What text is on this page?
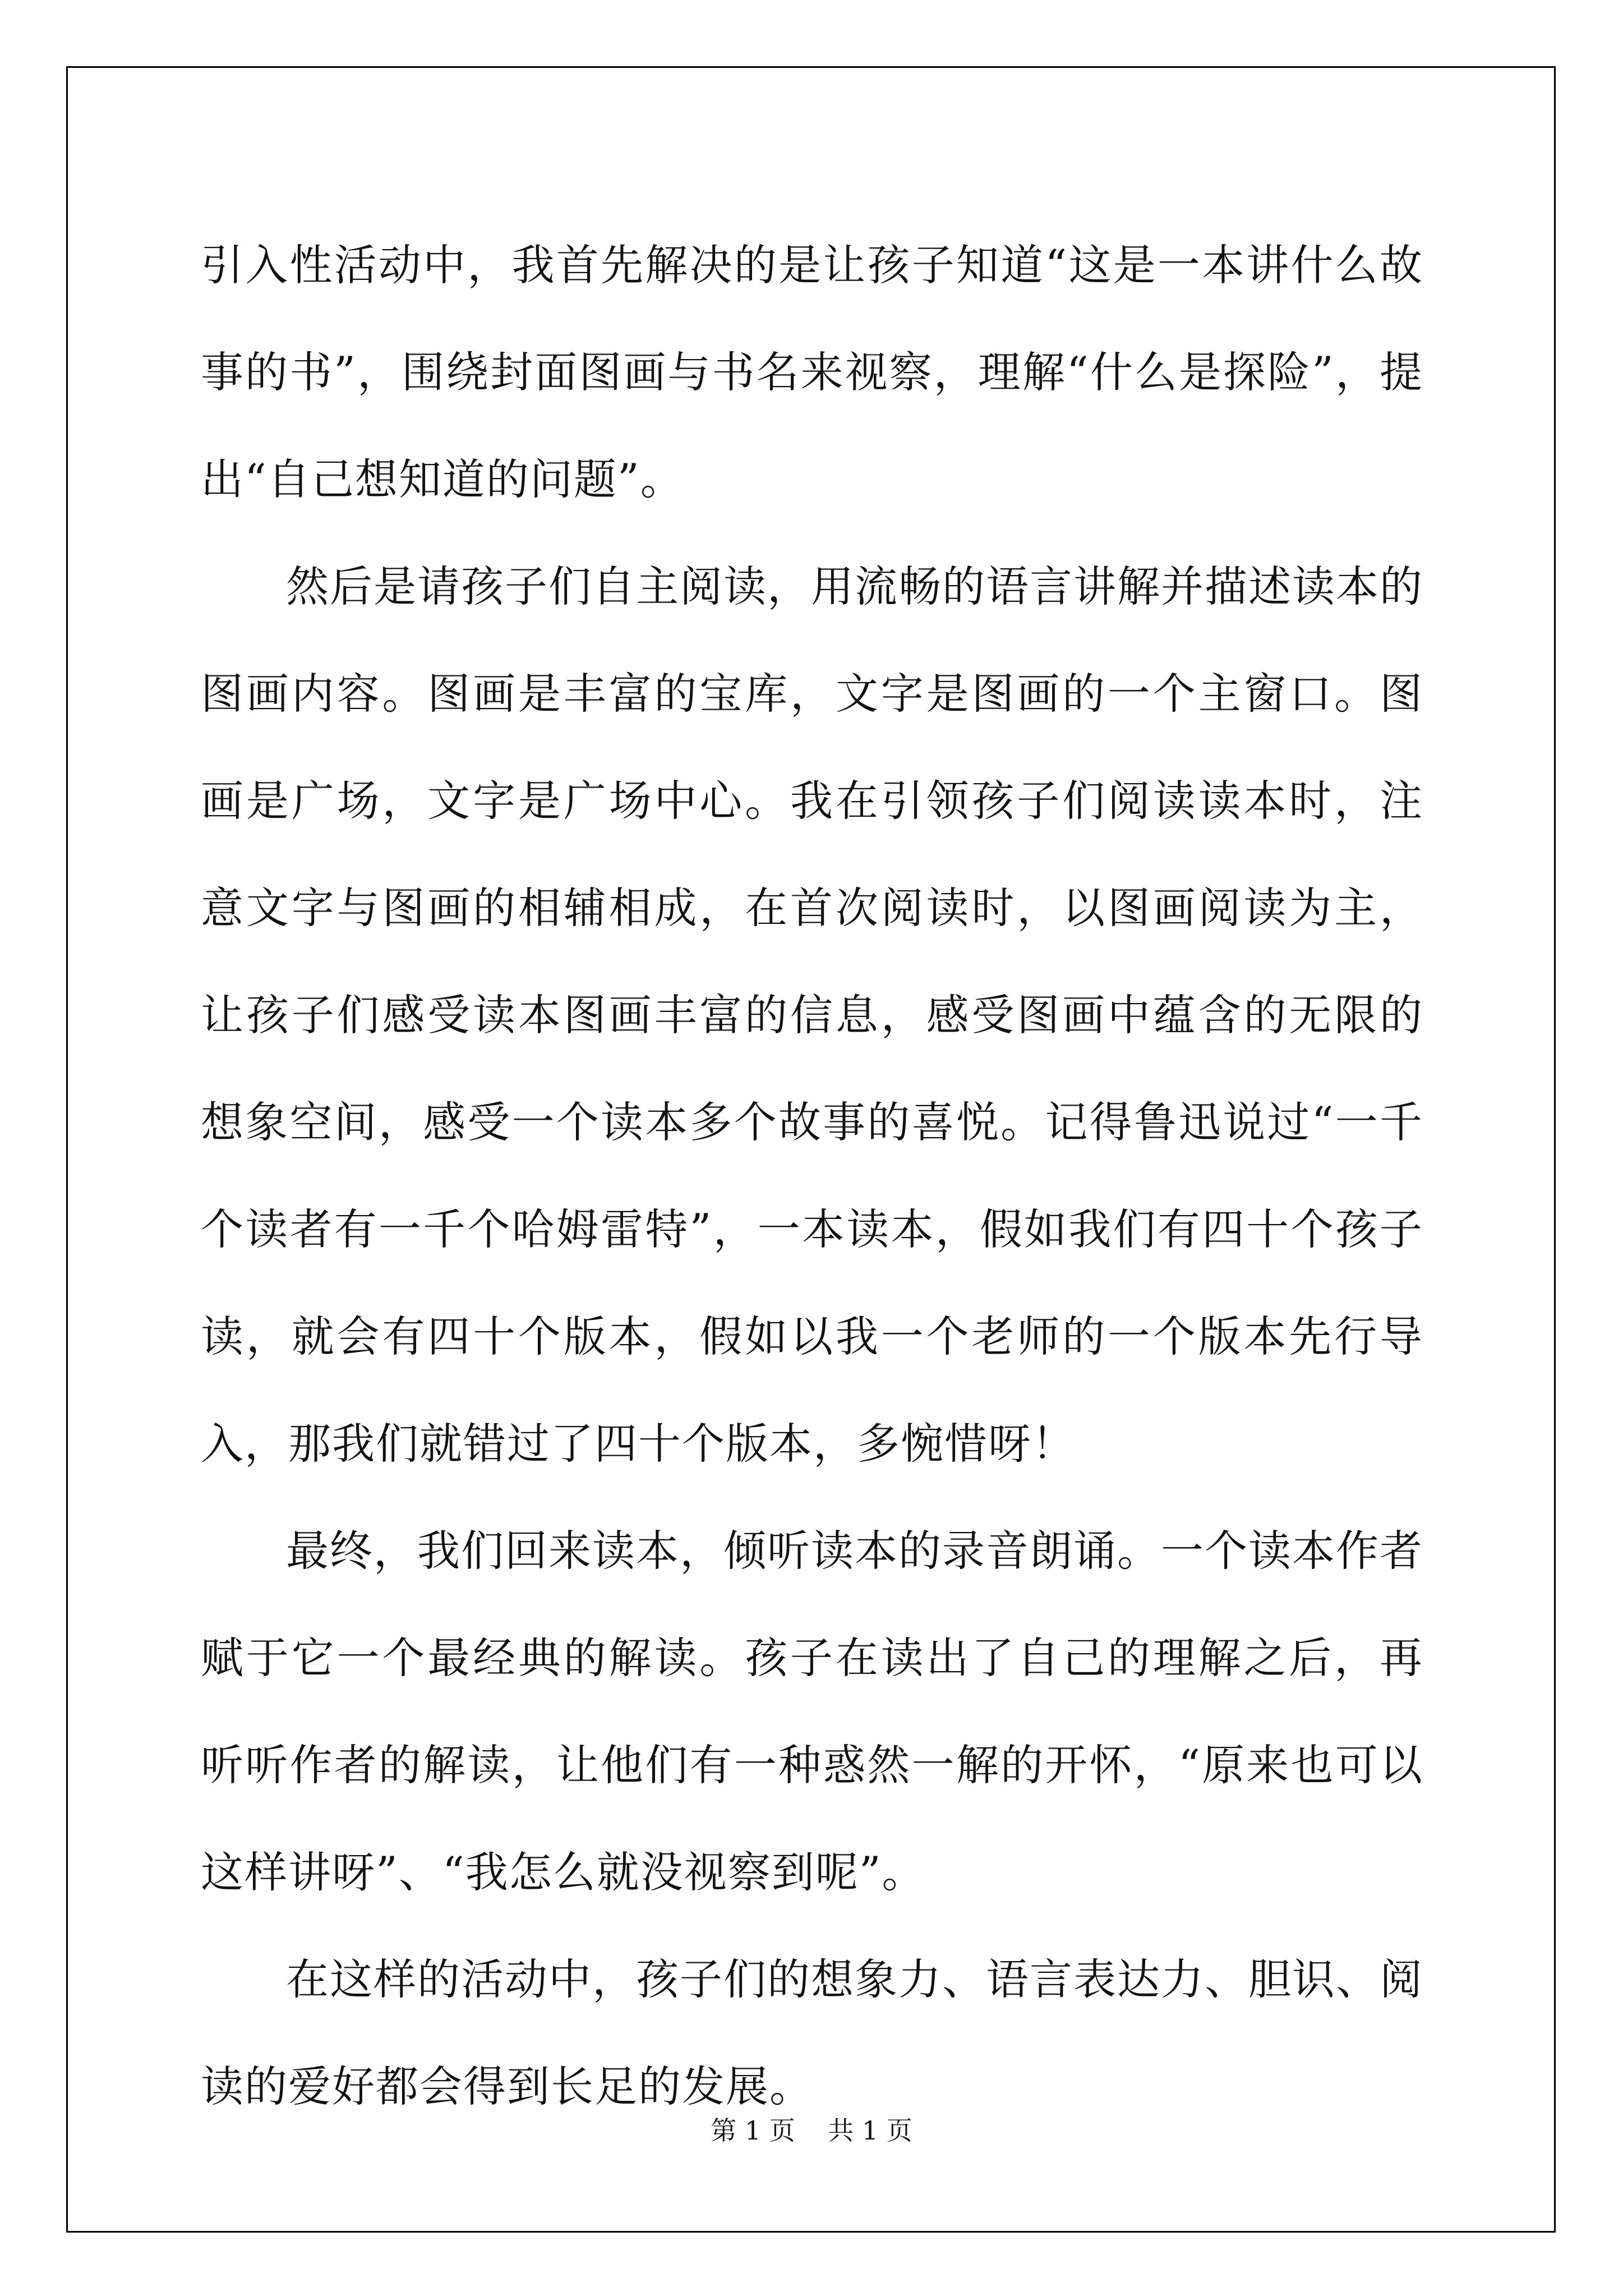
引入性活动中，我首先解决的是让孩子知道“这是一本讲什么故事的书”，围绕封面图画与书名来视察，理解“什么是探险”，提出“自己想知道的问题”。

然后是请孩子们自主阅读，用流畅的语言讲解并描述读本的图画内容。图画是丰富的宝库，文字是图画的一个主窗口。图画是广场，文字是广场中心。我在引领孩子们阅读读本时，注意文字与图画的相辅相成，在首次阅读时，以图画阅读为主，让孩子们感受读本图画丰富的信息，感受图画中蕴含的无限的想象空间，感受一个读本多个故事的喜悦。记得鲁迅说过“一千个读者有一千个哈姆雷特”，一本读本，假如我们有四十个孩子读，就会有四十个版本，假如以我一个老师的一个版本先行导入，那我们就错过了四十个版本，多惋惜呀！

最终，我们回来读本，倾听读本的录音朗诵。一个读本作者赋于它一个最经典的解读。孩子在读出了自己的理解之后，再听听作者的解读，让他们有一种惑然一解的开怀，“原来也可以这样讲呀”、“我怎么就没视察到呢”。

在这样的活动中，孩子们的想象力、语言表达力、胆识、阅读的爱好都会得到长足的发展。

第 1 页    共 1 页
